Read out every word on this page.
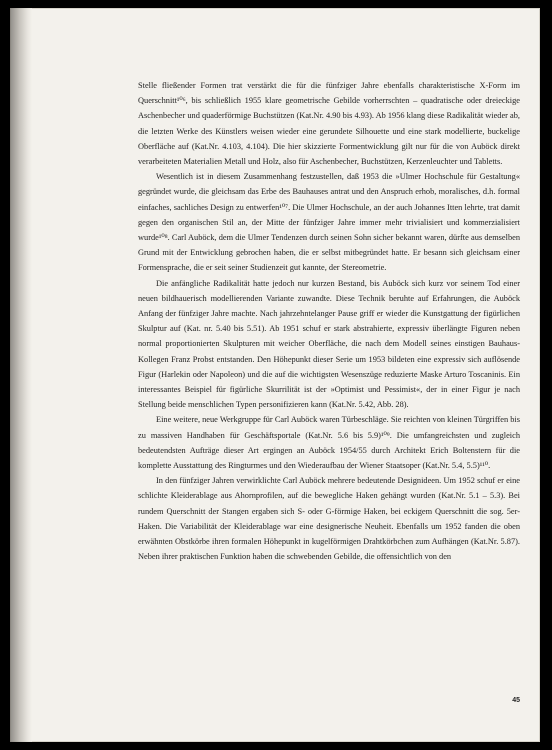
Stelle fließender Formen trat verstärkt die für die fünfziger Jahre ebenfalls charakteristische X-Form im Querschnitt¹⁰⁶, bis schließlich 1955 klare geometrische Gebilde vorherrschten – quadratische oder dreieckige Aschenbecher und quaderförmige Buchstützen (Kat.Nr. 4.90 bis 4.93). Ab 1956 klang diese Radikalität wieder ab, die letzten Werke des Künstlers weisen wieder eine gerundete Silhouette und eine stark modellierte, buckelige Oberfläche auf (Kat.Nr. 4.103, 4.104). Die hier skizzierte Formentwicklung gilt nur für die von Auböck direkt verarbeiteten Materialien Metall und Holz, also für Aschenbecher, Buchstützen, Kerzenleuchter und Tabletts.

Wesentlich ist in diesem Zusammenhang festzustellen, daß 1953 die »Ulmer Hochschule für Gestaltung« gegründet wurde, die gleichsam das Erbe des Bauhauses antrat und den Anspruch erhob, moralisches, d.h. formal einfaches, sachliches Design zu entwerfen¹⁰⁷. Die Ulmer Hochschule, an der auch Johannes Itten lehrte, trat damit gegen den organischen Stil an, der Mitte der fünfziger Jahre immer mehr trivialisiert und kommerzialisiert wurde¹⁰⁸. Carl Auböck, dem die Ulmer Tendenzen durch seinen Sohn sicher bekannt waren, dürfte aus demselben Grund mit der Entwicklung gebrochen haben, die er selbst mitbegründet hatte. Er besann sich gleichsam einer Formensprache, die er seit seiner Studienzeit gut kannte, der Stereometrie.

Die anfängliche Radikalität hatte jedoch nur kurzen Bestand, bis Auböck sich kurz vor seinem Tod einer neuen bildhauerisch modellierenden Variante zuwandte. Diese Technik beruhte auf Erfahrungen, die Auböck Anfang der fünfziger Jahre machte. Nach jahrzehntelanger Pause griff er wieder die Kunstgattung der figürlichen Skulptur auf (Kat. nr. 5.40 bis 5.51). Ab 1951 schuf er stark abstrahierte, expressiv überlängte Figuren neben normal proportionierten Skulpturen mit weicher Oberfläche, die nach dem Modell seines einstigen Bauhaus-Kollegen Franz Probst entstanden. Den Höhepunkt dieser Serie um 1953 bildeten eine expressiv sich auflösende Figur (Harlekin oder Napoleon) und die auf die wichtigsten Wesenszüge reduzierte Maske Arturo Toscaninis. Ein interessantes Beispiel für figürliche Skurrilität ist der »Optimist und Pessimist«, der in einer Figur je nach Stellung beide menschlichen Typen personifizieren kann (Kat.Nr. 5.42, Abb. 28).

Eine weitere, neue Werkgruppe für Carl Auböck waren Türbeschläge. Sie reichten von kleinen Türgriffen bis zu massiven Handhaben für Geschäftsportale (Kat.Nr. 5.6 bis 5.9)¹⁰⁹. Die umfangreichsten und zugleich bedeutendsten Aufträge dieser Art ergingen an Auböck 1954/55 durch Architekt Erich Boltenstern für die komplette Ausstattung des Ringturmes und den Wiederaufbau der Wiener Staatsoper (Kat.Nr. 5.4, 5.5)¹¹⁰.

In den fünfziger Jahren verwirklichte Carl Auböck mehrere bedeutende Designideen. Um 1952 schuf er eine schlichte Kleiderablage aus Ahornprofilen, auf die bewegliche Haken gehängt wurden (Kat.Nr. 5.1 – 5.3). Bei rundem Querschnitt der Stangen ergaben sich S- oder G-förmige Haken, bei eckigem Querschnitt die sog. 5er-Haken. Die Variabilität der Kleiderablage war eine designerische Neuheit. Ebenfalls um 1952 fanden die oben erwähnten Obstkörbe ihren formalen Höhepunkt in kugelförmigen Drahtkörbchen zum Aufhängen (Kat.Nr. 5.87). Neben ihrer praktischen Funktion haben die schwebenden Gebilde, die offensichtlich von den

45
